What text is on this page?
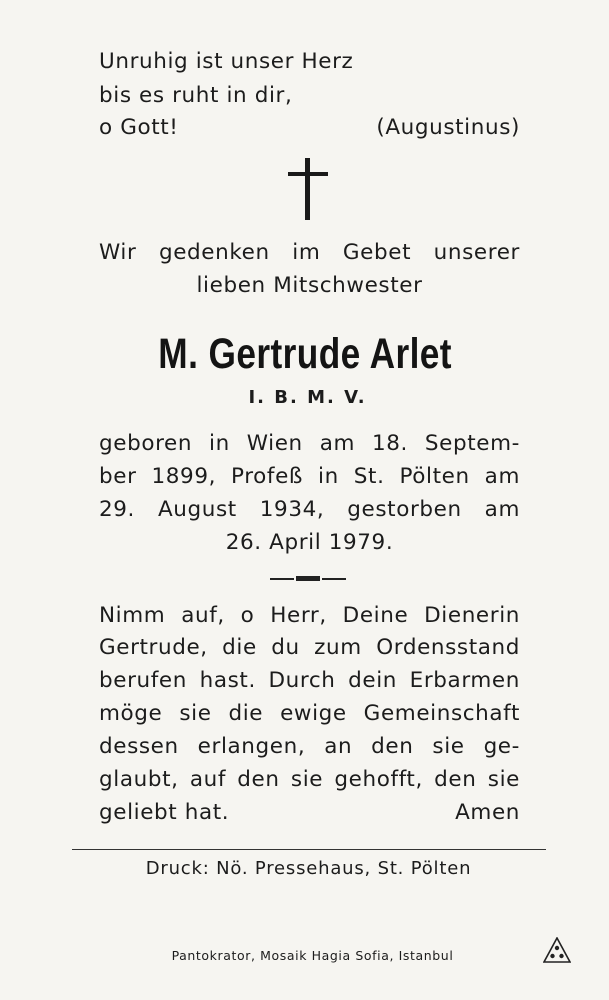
Unruhig ist unser Herz
bis es ruht in dir,
o Gott!	(Augustinus)
Wir gedenken im Gebet unserer
lieben Mitschwester
M. Gertrude Arlet
I. B. M. V.
geboren in Wien am 18. Septem-
ber 1899, Profeß in St. Pölten am
29. August 1934, gestorben am
26. April 1979.
Nimm auf, o Herr, Deine Dienerin
Gertrude, die du zum Ordensstand
berufen hast. Durch dein Erbarmen
möge sie die ewige Gemeinschaft
dessen erlangen, an den sie ge-
glaubt, auf den sie gehofft, den sie
geliebt hat.	Amen
Druck: Nö. Pressehaus, St. Pölten
Pantokrator, Mosaik Hagia Sofia, Istanbul
